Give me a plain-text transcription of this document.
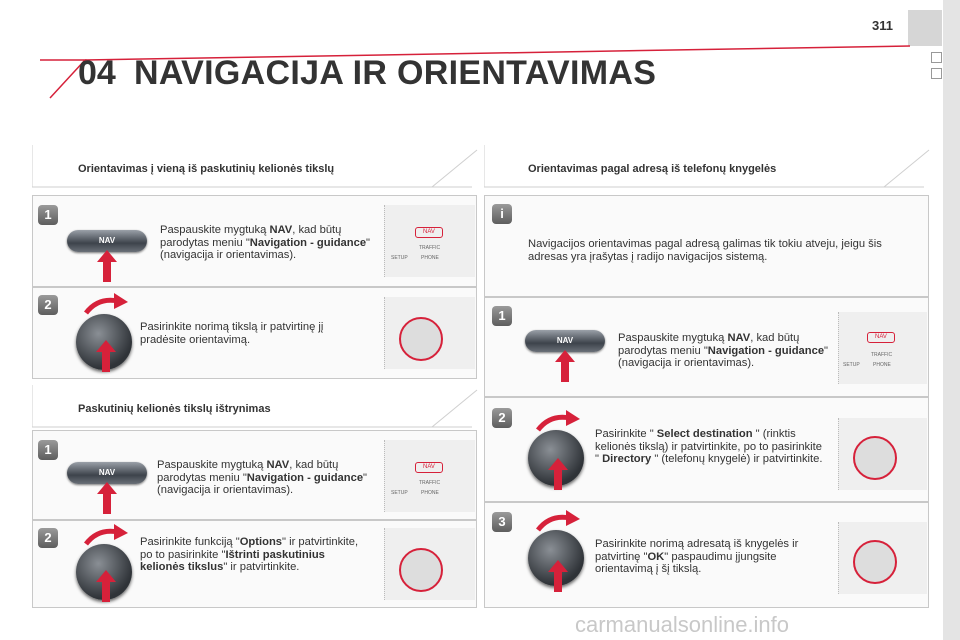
311
04 NAVIGACIJA IR ORIENTAVIMAS
Orientavimas į vieną iš paskutinių kelionės tikslų
1
NAV
Paspauskite mygtuką NAV, kad būtų parodytas meniu "Navigation - guidance" (navigacija ir orientavimas).
NAV
TRAFFIC
PHONE
SETUP
2
Pasirinkite norimą tikslą ir patvirtinę jį pradėsite orientavimą.
Paskutinių kelionės tikslų ištrynimas
1
NAV
Paspauskite mygtuką NAV, kad būtų parodytas meniu "Navigation - guidance" (navigacija ir orientavimas).
NAV
TRAFFIC
PHONE
SETUP
2	Pasirinkite funkciją "Options" ir patvirtinkite, po to pasirinkite "Ištrinti paskutinius kelionės tikslus" ir patvirtinkite.
Orientavimas pagal adresą iš telefonų knygelės
i
Navigacijos orientavimas pagal adresą galimas tik tokiu atveju, jeigu šis adresas yra įrašytas į radijo navigacijos sistemą.
1
NAV	Paspauskite mygtuką NAV, kad būtų parodytas meniu "Navigation - guidance" (navigacija ir orientavimas).
NAV
TRAFFIC
PHONE
SETUP
2
Pasirinkite " Select destination " (rinktis kelionės tikslą) ir patvirtinkite, po to pasirinkite " Directory " (telefonų knygelė) ir patvirtinkite.
3
Pasirinkite norimą adresatą iš knygelės ir patvirtinę "OK" paspaudimu įjungsite orientavimą į šį tikslą.
carmanualsonline.info
